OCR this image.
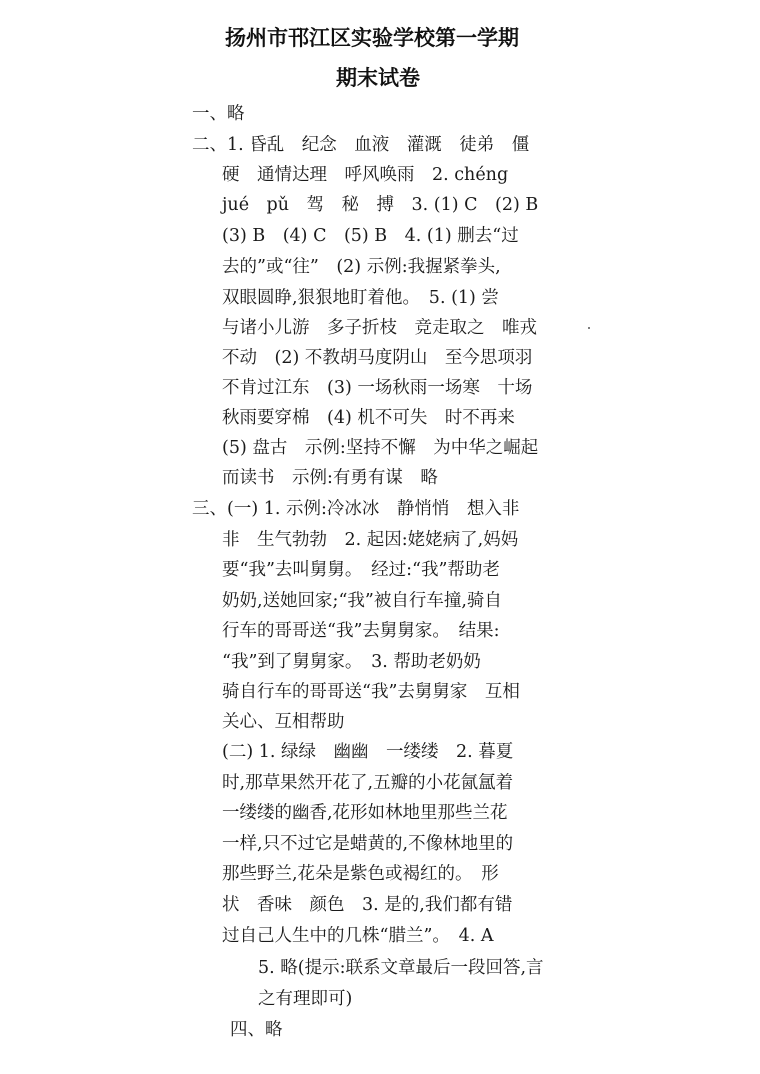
扬州市邗江区实验学校第一学期
期末试卷
一、略
二、1. 昏乱　纪念　血液　灌溉　徒弟　僵
硬　通情达理　呼风唤雨　2. chéng
jué　pǔ　驾　秘　搏　3. (1) C　(2) B
(3) B　(4) C　(5) B　4. (1) 删去“过
去的”或“往”　(2) 示例:我握紧拳头,
双眼圆睁,狠狠地盯着他。　5. (1) 尝
与诸小儿游　多子折枝　竞走取之　唯戎
不动　(2) 不教胡马度阴山　至今思项羽
不肯过江东　(3) 一场秋雨一场寒　十场
秋雨要穿棉　(4) 机不可失　时不再来
(5) 盘古　示例:坚持不懈　为中华之崛起
而读书　示例:有勇有谋　略
三、(一) 1. 示例:冷冰冰　静悄悄　想入非
非　生气勃勃　2. 起因:姥姥病了,妈妈
要“我”去叫舅舅。　经过:“我”帮助老
奶奶,送她回家;“我”被自行车撞,骑自
行车的哥哥送“我”去舅舅家。　结果:
“我”到了舅舅家。　3. 帮助老奶奶
骑自行车的哥哥送“我”去舅舅家　互相
关心、互相帮助
(二) 1. 绿绿　幽幽　一缕缕　2. 暮夏
时,那草果然开花了,五瓣的小花氤氲着
一缕缕的幽香,花形如林地里那些兰花
一样,只不过它是蜡黄的,不像林地里的
那些野兰,花朵是紫色或褐红的。　形
状　香味　颜色　3. 是的,我们都有错
过自己人生中的几株“腊兰”。　4. A
5. 略(提示:联系文章最后一段回答,言
之有理即可)
四、略
